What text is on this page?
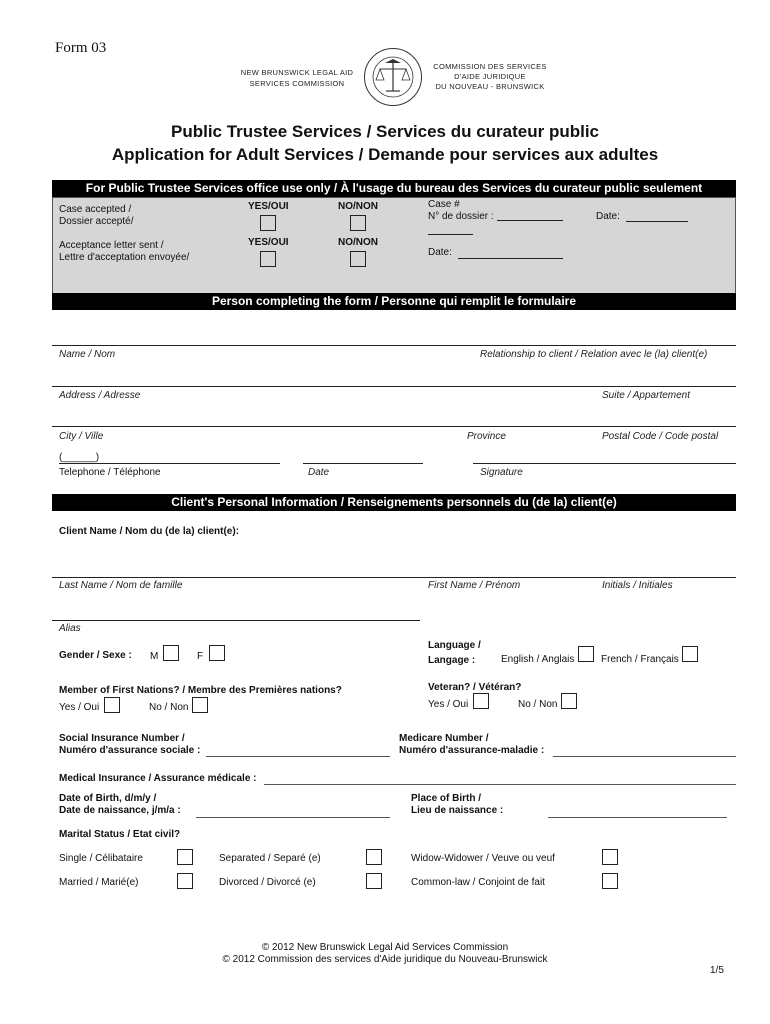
Form 03
NEW BRUNSWICK LEGAL AID
SERVICES COMMISSION
COMMISSION DES SERVICES
D'AIDE JURIDIQUE
DU NOUVEAU - BRUNSWICK
Public Trustee Services / Services du curateur public
Application for Adult Services / Demande pour services aux adultes
For Public Trustee Services office use only / À l'usage du bureau des Services du curateur public seulement
Case accepted /
Dossier accepté/
YES/OUI	NO/NON	Case #
N° de dossier :	Date:
Acceptance letter sent /
Lettre d'acceptation envoyée/
YES/OUI	NO/NON
Date:
Person completing the form / Personne qui remplit le formulaire
Name / Nom	Relationship to client / Relation avec le (la) client(e)
Address / Adresse	Suite / Appartement
City / Ville	Province	Postal Code / Code postal
(______)
Telephone / Téléphone	Date	Signature
Client's Personal Information / Renseignements personnels du (de la) client(e)
Client Name / Nom du (de la) client(e):
Last Name / Nom de famille	First Name / Prénom	Initials / Initiales
Alias
Gender / Sexe : M	F
Language /
Langage :	English / Anglais	French / Français
Member of First Nations? / Membre des Premières nations?
Yes / Oui	No / Non
Veteran? / Vétéran?
Yes / Oui	No / Non
Social Insurance Number /
Numéro d'assurance sociale :
Medicare Number /
Numéro d'assurance-maladie :
Medical Insurance / Assurance médicale :
Date of Birth, d/m/y /
Date de naissance, j/m/a :
Place of Birth /
Lieu de naissance :
Marital Status / Etat civil?
Single / Célibataire	Separated / Separé (e)	Widow-Widower / Veuve ou veuf
Married / Marié(e)	Divorced / Divorcé (e)	Common-law / Conjoint de fait
© 2012 New Brunswick Legal Aid Services Commission
© 2012 Commission des services d'Aide juridique du Nouveau-Brunswick
1/5
